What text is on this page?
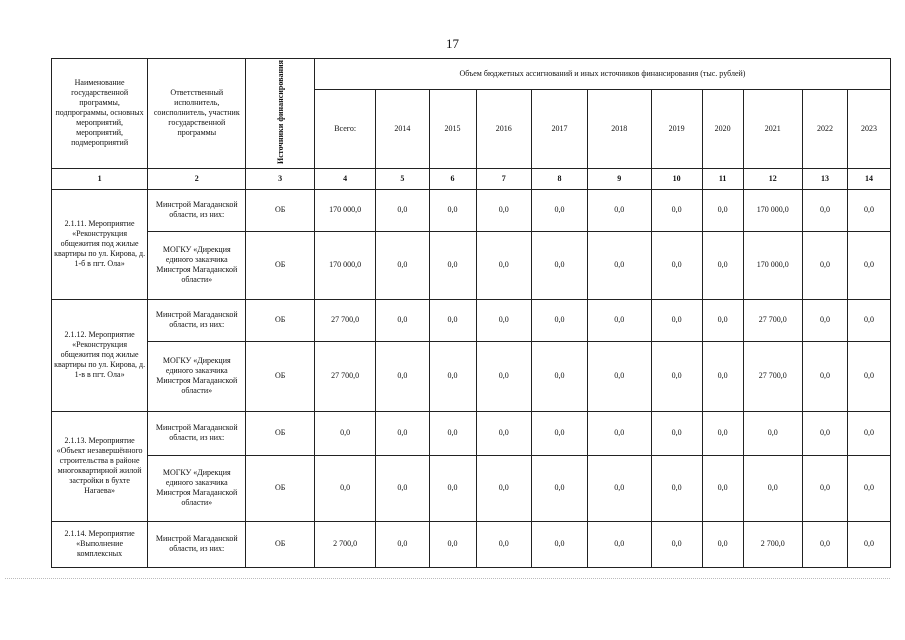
17
Наименование государственной программы, подпрограммы, основных мероприятий, мероприятий, подмероприятий	Ответственный исполнитель, соисполнитель, участник государственной программы	Источники финансирования	Объем бюджетных ассигнований и иных источников финансирования (тыс. рублей)										
			Всего:	2014	2015	2016	2017	2018	2019	2020	2021	2022	2023
1	2	3	4	5	6	7	8	9	10	11	12	13	14
2.1.11. Мероприятие «Реконструкция общежития под жилые квартиры по ул. Кирова, д. 1-б в пгт. Ола»	Минстрой Магаданской области, из них:	ОБ	170 000,0	0,0	0,0	0,0	0,0	0,0	0,0	0,0	170 000,0	0,0	0,0
	МОГКУ «Дирекция единого заказчика Минстроя Магаданской области»	ОБ	170 000,0	0,0	0,0	0,0	0,0	0,0	0,0	0,0	170 000,0	0,0	0,0
2.1.12. Мероприятие «Реконструкция общежития под жилые квартиры по ул. Кирова, д. 1-в в пгт. Ола»	Минстрой Магаданской области, из них:	ОБ	27 700,0	0,0	0,0	0,0	0,0	0,0	0,0	0,0	27 700,0	0,0	0,0
	МОГКУ «Дирекция единого заказчика Минстроя Магаданской области»	ОБ	27 700,0	0,0	0,0	0,0	0,0	0,0	0,0	0,0	27 700,0	0,0	0,0
2.1.13. Мероприятие «Объект незавершённого строительства в районе многоквартирной жилой застройки в бухте Нагаева»	Минстрой Магаданской области, из них:	ОБ	0,0	0,0	0,0	0,0	0,0	0,0	0,0	0,0	0,0	0,0	0,0
	МОГКУ «Дирекция единого заказчика Минстроя Магаданской области»	ОБ	0,0	0,0	0,0	0,0	0,0	0,0	0,0	0,0	0,0	0,0	0,0
2.1.14. Мероприятие «Выполнение комплексных	Минстрой Магаданской области, из них:	ОБ	2 700,0	0,0	0,0	0,0	0,0	0,0	0,0	0,0	2 700,0	0,0	0,0
